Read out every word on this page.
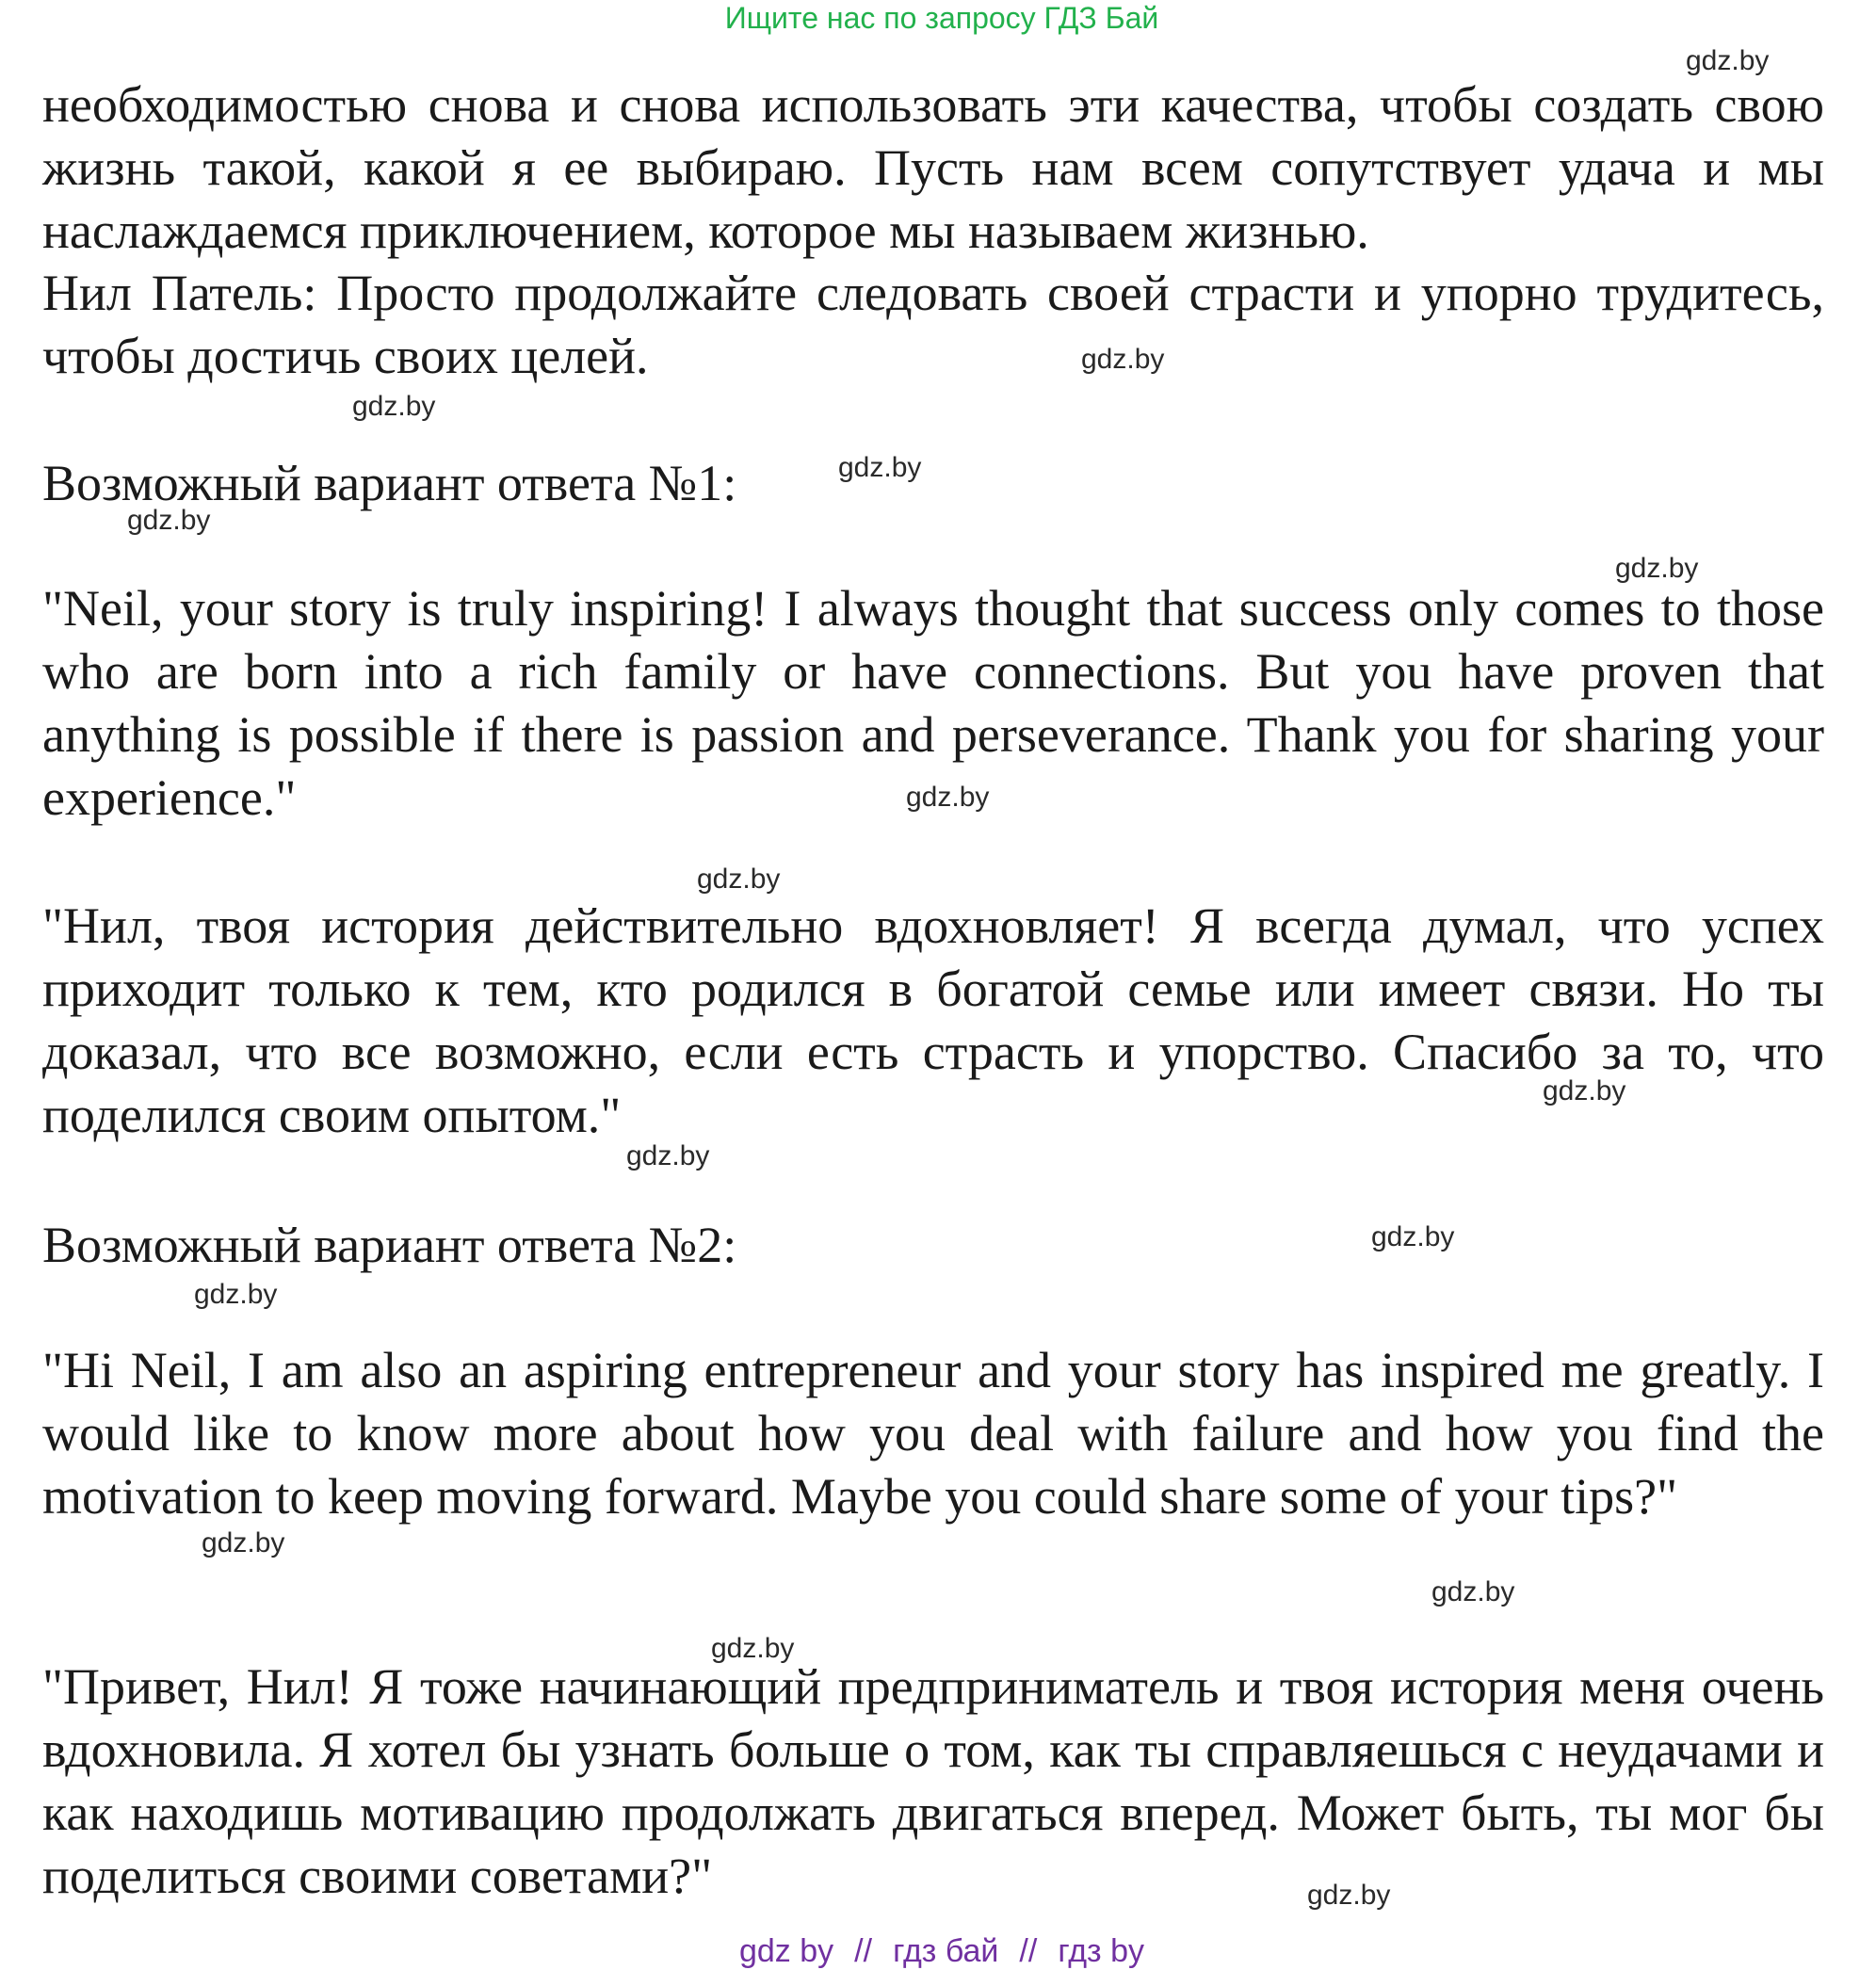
Ищите нас по запросу ГДЗ Бай
необходимостью снова и снова использовать эти качества, чтобы создать свою жизнь такой, какой я ее выбираю. Пусть нам всем сопутствует удача и мы наслаждаемся приключением, которое мы называем жизнью.
Нил Патель: Просто продолжайте следовать своей страсти и упорно трудитесь, чтобы достичь своих целей.
Возможный вариант ответа №1:
"Neil, your story is truly inspiring! I always thought that success only comes to those who are born into a rich family or have connections. But you have proven that anything is possible if there is passion and perseverance. Thank you for sharing your experience."
"Нил, твоя история действительно вдохновляет! Я всегда думал, что успех приходит только к тем, кто родился в богатой семье или имеет связи. Но ты доказал, что все возможно, если есть страсть и упорство. Спасибо за то, что поделился своим опытом."
Возможный вариант ответа №2:
"Hi Neil, I am also an aspiring entrepreneur and your story has inspired me greatly. I would like to know more about how you deal with failure and how you find the motivation to keep moving forward. Maybe you could share some of your tips?"
"Привет, Нил! Я тоже начинающий предприниматель и твоя история меня очень вдохновила. Я хотел бы узнать больше о том, как ты справляешься с неудачами и как находишь мотивацию продолжать двигаться вперед. Может быть, ты мог бы поделиться своими советами?"
gdz.by
gdz.by
gdz.by
gdz.by
gdz.by
gdz.by
gdz.by
gdz.by
gdz.by
gdz.by
gdz.by
gdz.by
gdz.by
gdz.by
gdz.by
gdz.by
gdz by // гдз бай // гдз by
